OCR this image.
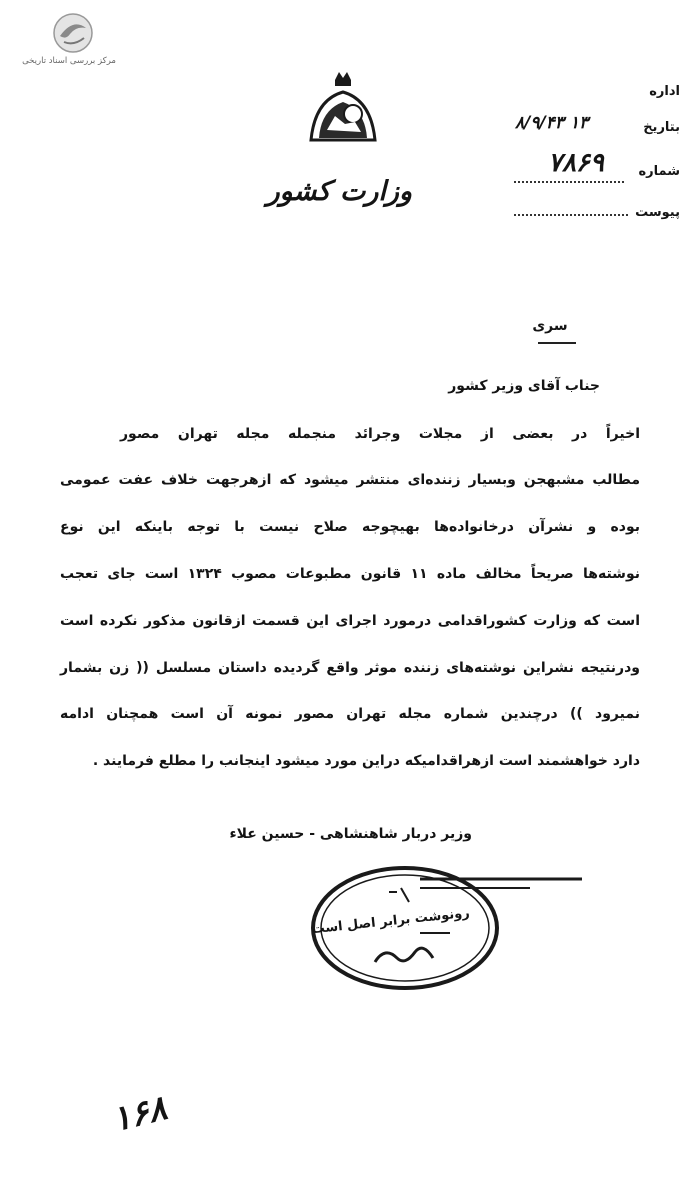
مرکز بررسی اسناد تاریخی
وزارت کشور
اداره
بتاریخ
۸/۹/۴۳ ۱۳
شماره
۷۸۶۹
پیوست
سری
جناب آقای وزیر کشور
اخیراً در بعضی از مجلات وجرائد منجمله مجله تهران مصور
مطالب مشبهجن وبسیار زننده‌ای منتشر میشود که ازهرجهت خلاف عفت عمومی
بوده و نشرآن درخانواده‌ها بهیچوجه صلاح نیست با توجه باینکه این نوع
نوشته‌ها صریحاً مخالف ماده ۱۱ قانون مطبوعات مصوب ۱۳۲۴ است جای تعجب
است که وزارت کشوراقدامی درمورد اجرای این قسمت ازقانون مذکور نکرده است
ودرنتیجه نشراین نوشته‌های زننده موثر واقع گردیده داستان مسلسل (( زن بشمار
نمیرود )) درچندین شماره مجله تهران مصور نمونه آن است همچنان ادامه
دارد خواهشمند است ازهراقدامیکه دراین مورد میشود اینجانب را مطلع فرمایند .
وزیر دربار شاهنشاهی - حسین علاء
رونوشت برابر اصل است
۱۶۸
